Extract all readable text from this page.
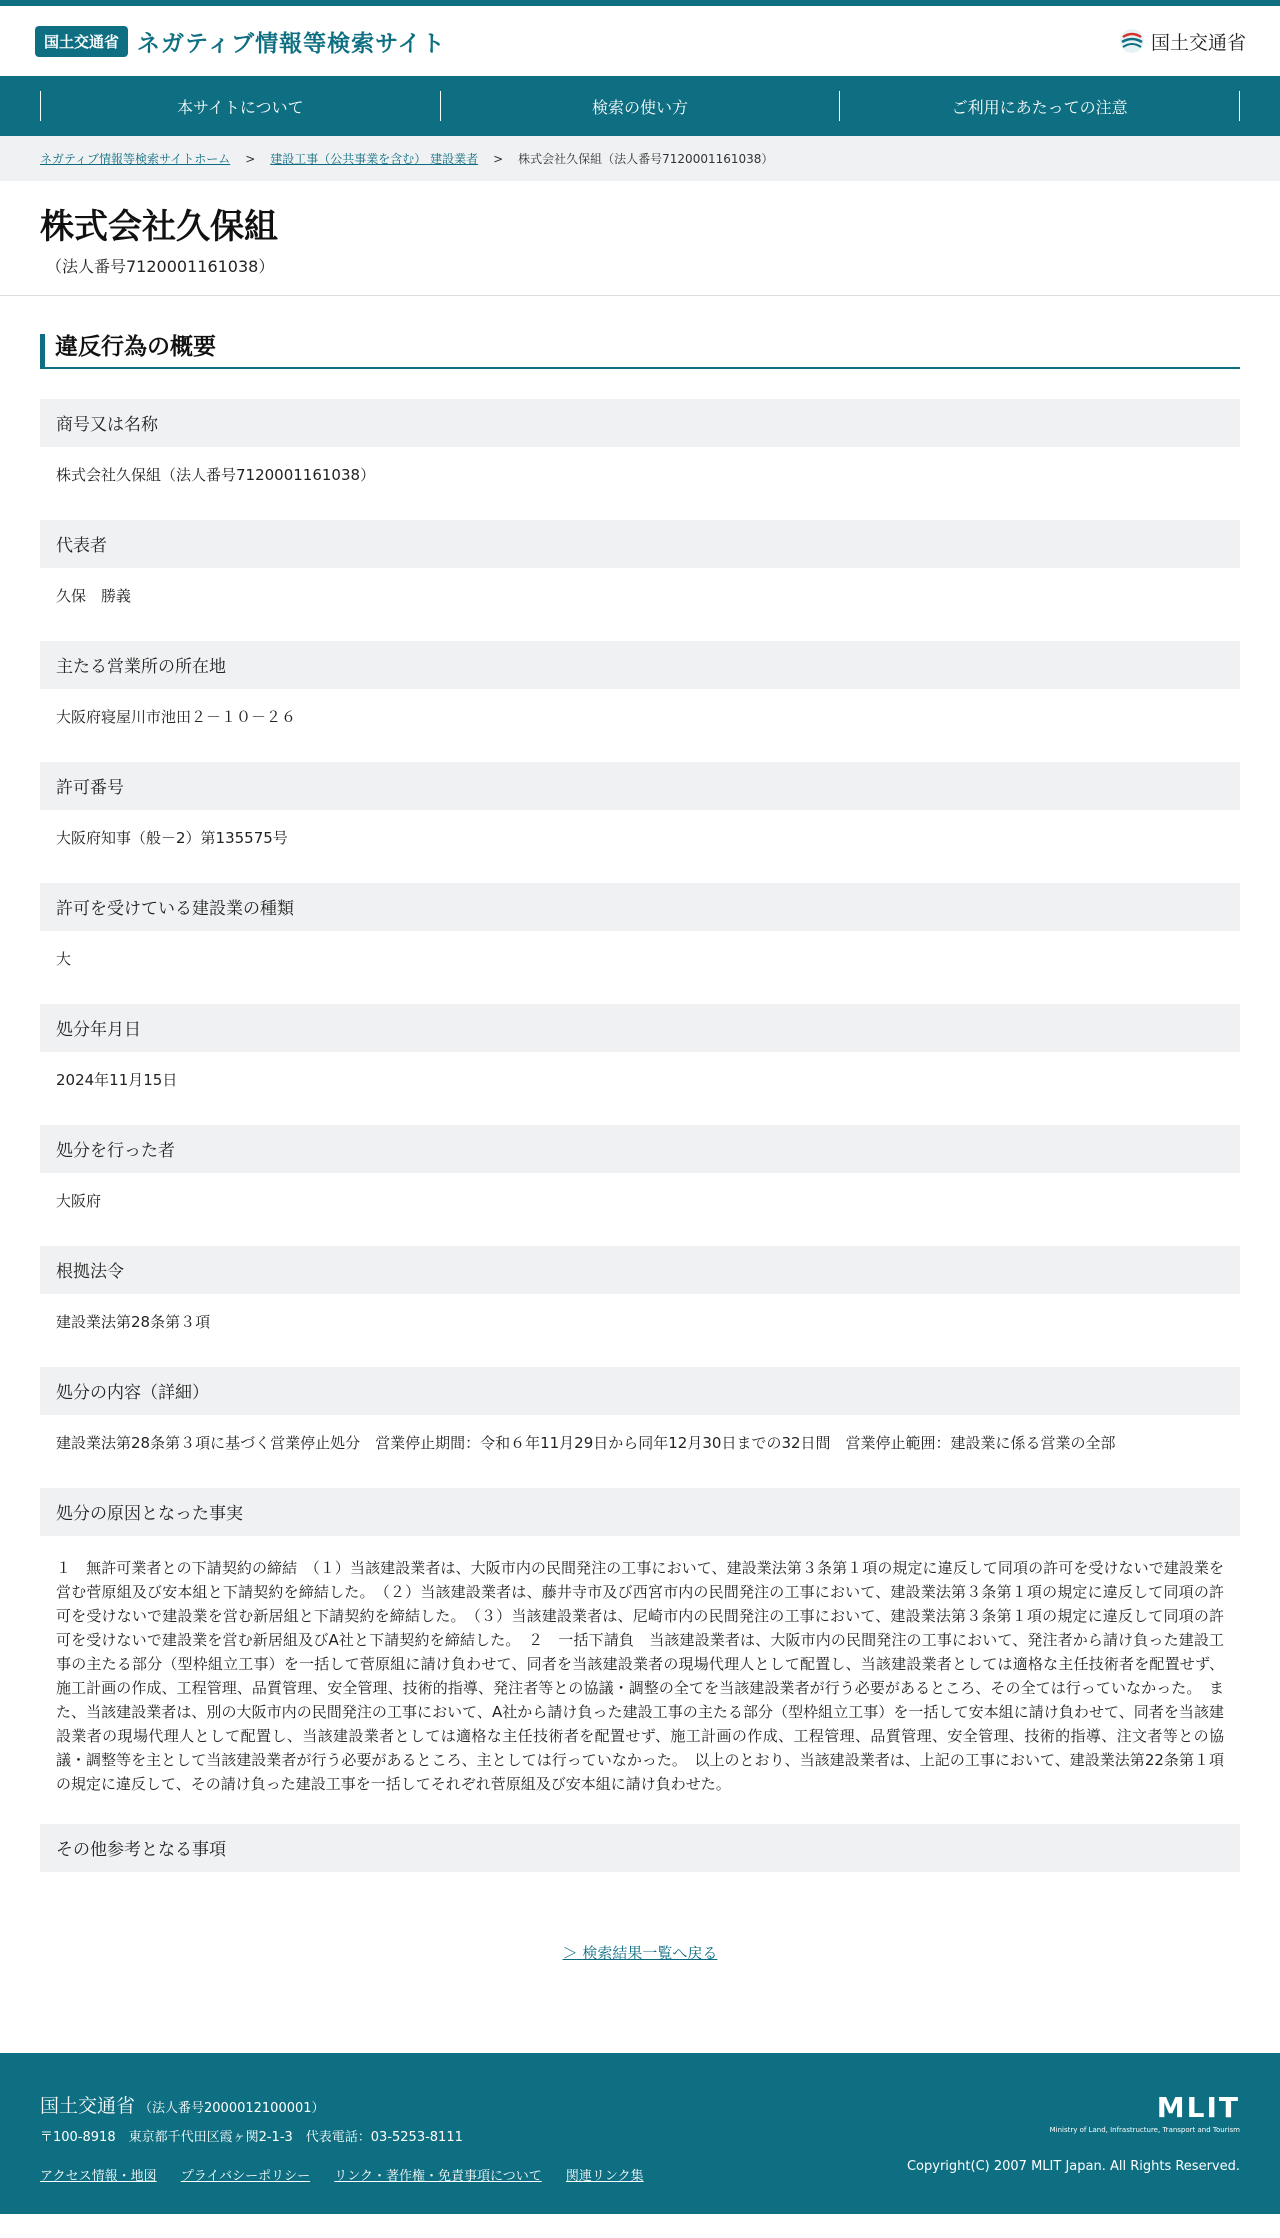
国土交通省 ネガティブ情報等検索サイト	国土交通省
本サイトについて	検索の使い方	ご利用にあたっての注意
ネガティブ情報等検索サイトホーム > 建設工事（公共事業を含む） 建設業者 > 株式会社久保組（法人番号7120001161038）
株式会社久保組
（法人番号7120001161038）
違反行為の概要
商号又は名称
株式会社久保組（法人番号7120001161038）
代表者
久保　勝義
主たる営業所の所在地
大阪府寝屋川市池田２－１０－２６
許可番号
大阪府知事（般－2）第135575号
許可を受けている建設業の種類
大
処分年月日
2024年11月15日
処分を行った者
大阪府
根拠法令
建設業法第28条第３項
処分の内容（詳細）
建設業法第28条第３項に基づく営業停止処分　営業停止期間：令和６年11月29日から同年12月30日までの32日間　営業停止範囲：建設業に係る営業の全部
処分の原因となった事実
１　無許可業者との下請契約の締結　（１）当該建設業者は、大阪市内の民間発注の工事において、建設業法第３条第１項の規定に違反して同項の許可を受けないで建設業を営む菅原組及び安本組と下請契約を締結した。　（２）当該建設業者は、藤井寺市及び西宮市内の民間発注の工事において、建設業法第３条第１項の規定に違反して同項の許可を受けないで建設業を営む新居組と下請契約を締結した。　（３）当該建設業者は、尼崎市内の民間発注の工事において、建設業法第３条第１項の規定に違反して同項の許可を受けないで建設業を営む新居組及びA社と下請契約を締結した。　２　一括下請負　当該建設業者は、大阪市内の民間発注の工事において、発注者から請け負った建設工事の主たる部分（型枠組立工事）を一括して菅原組に請け負わせて、同者を当該建設業者の現場代理人として配置し、当該建設業者としては適格な主任技術者を配置せず、施工計画の作成、工程管理、品質管理、安全管理、技術的指導、発注者等との協議・調整の全てを当該建設業者が行う必要があるところ、その全ては行っていなかった。　また、当該建設業者は、別の大阪市内の民間発注の工事において、A社から請け負った建設工事の主たる部分（型枠組立工事）を一括して安本組に請け負わせて、同者を当該建設業者の現場代理人として配置し、当該建設業者としては適格な主任技術者を配置せず、施工計画の作成、工程管理、品質管理、安全管理、技術的指導、注文者等との協議・調整等を主として当該建設業者が行う必要があるところ、主としては行っていなかった。　以上のとおり、当該建設業者は、上記の工事において、建設業法第22条第１項の規定に違反して、その請け負った建設工事を一括してそれぞれ菅原組及び安本組に請け負わせた。
その他参考となる事項
＞ 検索結果一覧へ戻る
国土交通省 （法人番号2000012100001）
〒100-8918　東京都千代田区霞ヶ関2-1-3　代表電話：03-5253-8111
アクセス情報・地図 プライバシーポリシー リンク・著作権・免責事項について 関連リンク集
MLIT
Ministry of Land, Infrastructure, Transport and Tourism
Copyright(C) 2007 MLIT Japan. All Rights Reserved.
